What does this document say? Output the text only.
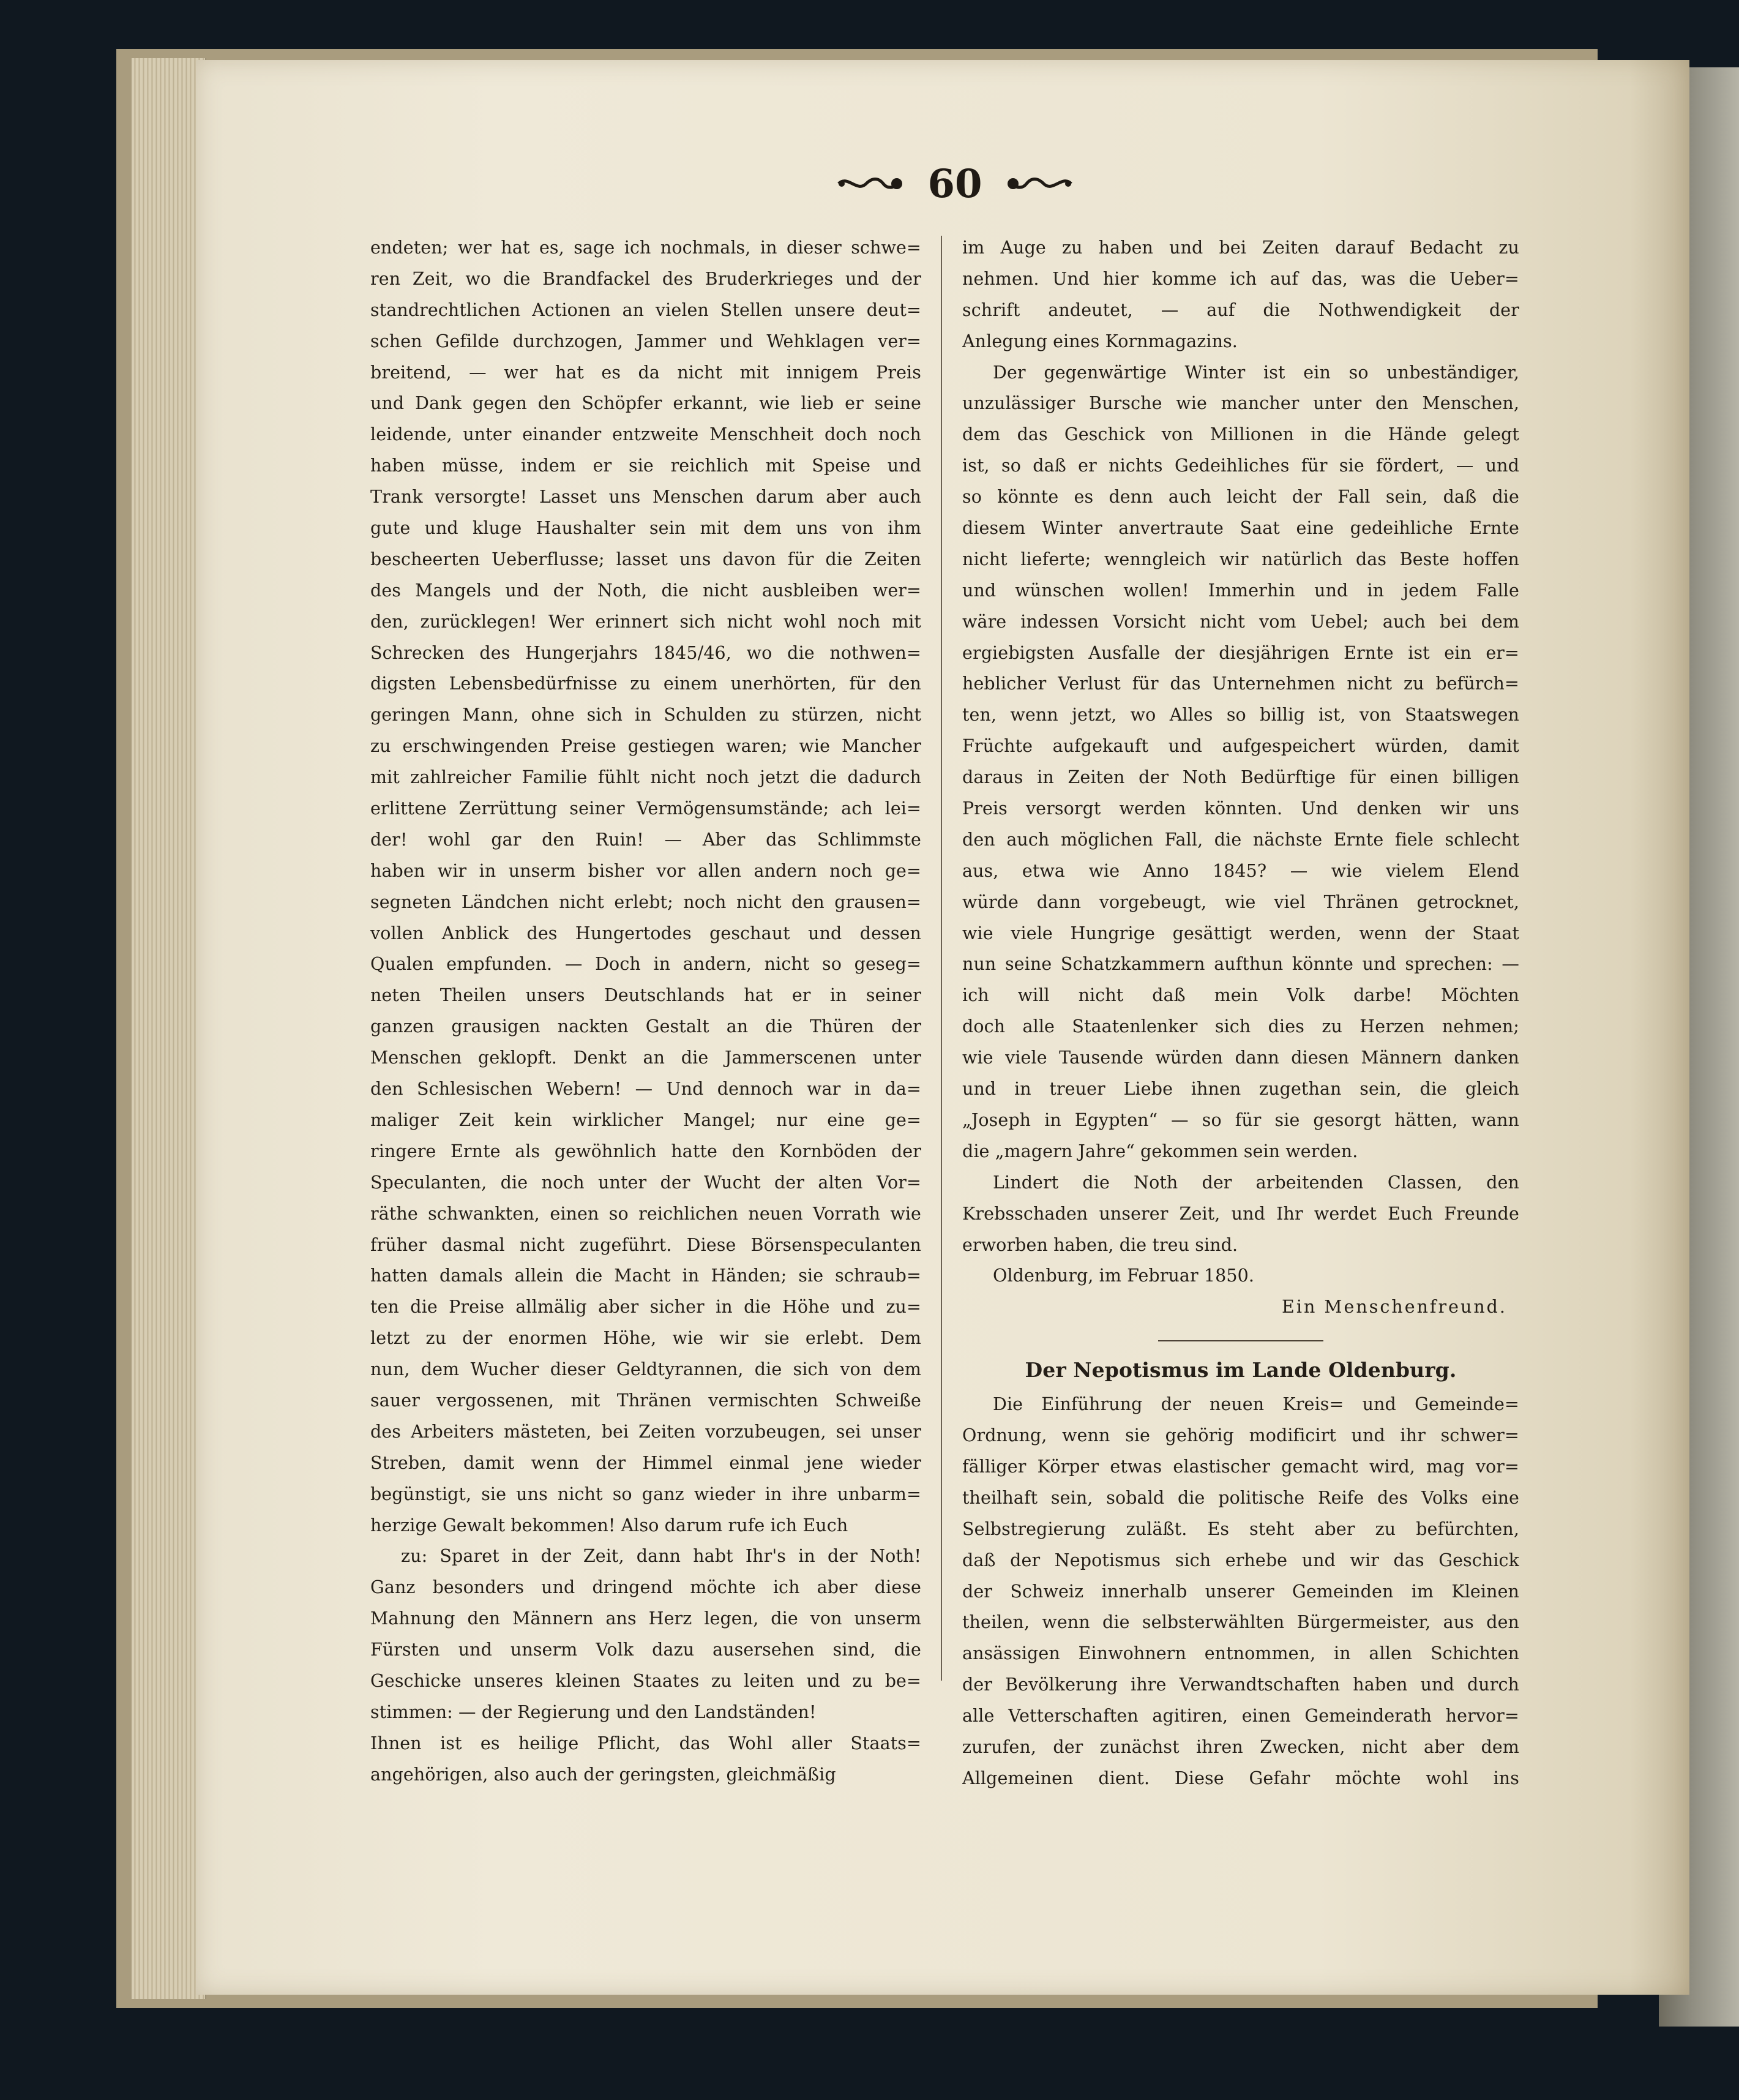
60
endeten; wer hat es, sage ich nochmals, in dieser schwe=
ren Zeit, wo die Brandfackel des Bruderkrieges und der
standrechtlichen Actionen an vielen Stellen unsere deut=
schen Gefilde durchzogen, Jammer und Wehklagen ver=
breitend, — wer hat es da nicht mit innigem Preis
und Dank gegen den Schöpfer erkannt, wie lieb er seine
leidende, unter einander entzweite Menschheit doch noch
haben müsse, indem er sie reichlich mit Speise und
Trank versorgte! Lasset uns Menschen darum aber auch
gute und kluge Haushalter sein mit dem uns von ihm
bescheerten Ueberflusse; lasset uns davon für die Zeiten
des Mangels und der Noth, die nicht ausbleiben wer=
den, zurücklegen! Wer erinnert sich nicht wohl noch mit
Schrecken des Hungerjahrs 1845/46, wo die nothwen=
digsten Lebensbedürfnisse zu einem unerhörten, für den
geringen Mann, ohne sich in Schulden zu stürzen, nicht
zu erschwingenden Preise gestiegen waren; wie Mancher
mit zahlreicher Familie fühlt nicht noch jetzt die dadurch
erlittene Zerrüttung seiner Vermögensumstände; ach lei=
der! wohl gar den Ruin! — Aber das Schlimmste
haben wir in unserm bisher vor allen andern noch ge=
segneten Ländchen nicht erlebt; noch nicht den grausen=
vollen Anblick des Hungertodes geschaut und dessen
Qualen empfunden. — Doch in andern, nicht so geseg=
neten Theilen unsers Deutschlands hat er in seiner
ganzen grausigen nackten Gestalt an die Thüren der
Menschen geklopft. Denkt an die Jammerscenen unter
den Schlesischen Webern! — Und dennoch war in da=
maliger Zeit kein wirklicher Mangel; nur eine ge=
ringere Ernte als gewöhnlich hatte den Kornböden der
Speculanten, die noch unter der Wucht der alten Vor=
räthe schwankten, einen so reichlichen neuen Vorrath wie
früher dasmal nicht zugeführt. Diese Börsenspeculanten
hatten damals allein die Macht in Händen; sie schraub=
ten die Preise allmälig aber sicher in die Höhe und zu=
letzt zu der enormen Höhe, wie wir sie erlebt. Dem
nun, dem Wucher dieser Geldtyrannen, die sich von dem
sauer vergossenen, mit Thränen vermischten Schweiße
des Arbeiters mästeten, bei Zeiten vorzubeugen, sei unser
Streben, damit wenn der Himmel einmal jene wieder
begünstigt, sie uns nicht so ganz wieder in ihre unbarm=
herzige Gewalt bekommen! Also darum rufe ich Euch
zu: Sparet in der Zeit, dann habt Ihr's in der Noth!
Ganz besonders und dringend möchte ich aber diese
Mahnung den Männern ans Herz legen, die von unserm
Fürsten und unserm Volk dazu ausersehen sind, die
Geschicke unseres kleinen Staates zu leiten und zu be=
stimmen: — der Regierung und den Landständen!
Ihnen ist es heilige Pflicht, das Wohl aller Staats=
angehörigen, also auch der geringsten, gleichmäßig
im Auge zu haben und bei Zeiten darauf Bedacht zu
nehmen. Und hier komme ich auf das, was die Ueber=
schrift andeutet, — auf die Nothwendigkeit der
Anlegung eines Kornmagazins.
Der gegenwärtige Winter ist ein so unbeständiger,
unzulässiger Bursche wie mancher unter den Menschen,
dem das Geschick von Millionen in die Hände gelegt
ist, so daß er nichts Gedeihliches für sie fördert, — und
so könnte es denn auch leicht der Fall sein, daß die
diesem Winter anvertraute Saat eine gedeihliche Ernte
nicht lieferte; wenngleich wir natürlich das Beste hoffen
und wünschen wollen! Immerhin und in jedem Falle
wäre indessen Vorsicht nicht vom Uebel; auch bei dem
ergiebigsten Ausfalle der diesjährigen Ernte ist ein er=
heblicher Verlust für das Unternehmen nicht zu befürch=
ten, wenn jetzt, wo Alles so billig ist, von Staatswegen
Früchte aufgekauft und aufgespeichert würden, damit
daraus in Zeiten der Noth Bedürftige für einen billigen
Preis versorgt werden könnten. Und denken wir uns
den auch möglichen Fall, die nächste Ernte fiele schlecht
aus, etwa wie Anno 1845? — wie vielem Elend
würde dann vorgebeugt, wie viel Thränen getrocknet,
wie viele Hungrige gesättigt werden, wenn der Staat
nun seine Schatzkammern aufthun könnte und sprechen: —
ich will nicht daß mein Volk darbe! Möchten
doch alle Staatenlenker sich dies zu Herzen nehmen;
wie viele Tausende würden dann diesen Männern danken
und in treuer Liebe ihnen zugethan sein, die gleich
„Joseph in Egypten“ — so für sie gesorgt hätten, wann
die „magern Jahre“ gekommen sein werden.
Lindert die Noth der arbeitenden Classen, den
Krebsschaden unserer Zeit, und Ihr werdet Euch Freunde
erworben haben, die treu sind.
Oldenburg, im Februar 1850.
Ein Menschenfreund.
Der Nepotismus im Lande Oldenburg.
Die Einführung der neuen Kreis= und Gemeinde=
Ordnung, wenn sie gehörig modificirt und ihr schwer=
fälliger Körper etwas elastischer gemacht wird, mag vor=
theilhaft sein, sobald die politische Reife des Volks eine
Selbstregierung zuläßt. Es steht aber zu befürchten,
daß der Nepotismus sich erhebe und wir das Geschick
der Schweiz innerhalb unserer Gemeinden im Kleinen
theilen, wenn die selbsterwählten Bürgermeister, aus den
ansässigen Einwohnern entnommen, in allen Schichten
der Bevölkerung ihre Verwandtschaften haben und durch
alle Vetterschaften agitiren, einen Gemeinderath hervor=
zurufen, der zunächst ihren Zwecken, nicht aber dem
Allgemeinen dient. Diese Gefahr möchte wohl ins
